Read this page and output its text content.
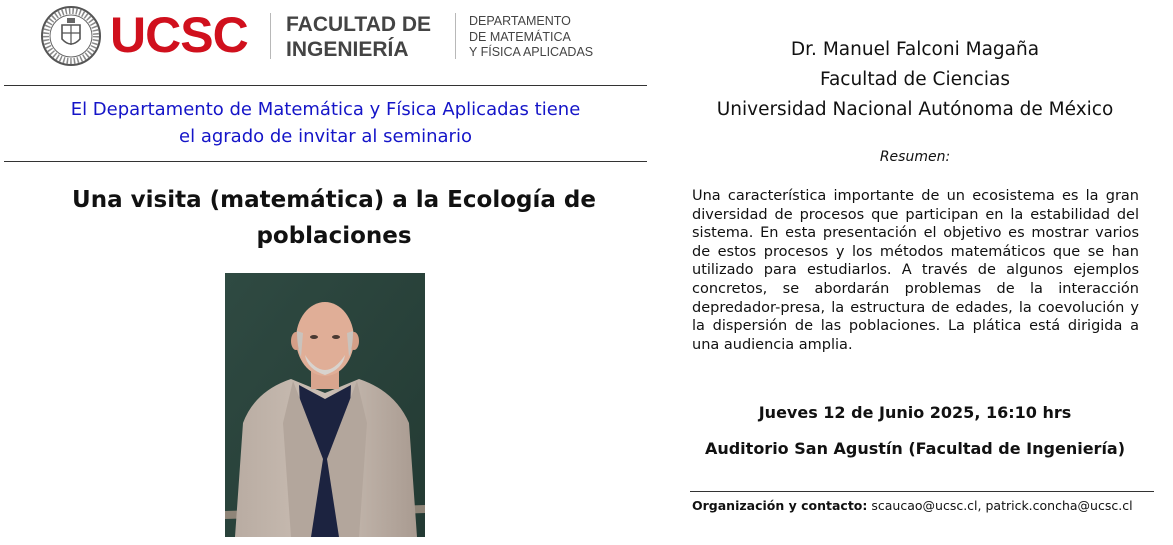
UCSC FACULTAD DE
INGENIERÍA
DEPARTAMENTO
DE MATEMÁTICA
Y FÍSICA APLICADAS
El Departamento de Matemática y Física Aplicadas tiene
el agrado de invitar al seminario
Una visita (matemática) a la Ecología de
poblaciones
Dr. Manuel Falconi Magaña
Facultad de Ciencias
Universidad Nacional Autónoma de México
Resumen:
Una característica importante de un ecosistema es la gran diversidad de procesos que participan en la estabilidad del sistema. En esta presentación el objetivo es mostrar varios de estos procesos y los métodos matemáticos que se han utilizado para estudiarlos. A través de algunos ejemplos concretos, se abordarán problemas de la interacción depredador-presa, la estructura de edades, la coevolución y la dispersión de las poblaciones. La plática está dirigida a una audiencia amplia.
Jueves 12 de Junio 2025, 16:10 hrs
Auditorio San Agustín (Facultad de Ingeniería)
Organización y contacto: scaucao@ucsc.cl, patrick.concha@ucsc.cl
